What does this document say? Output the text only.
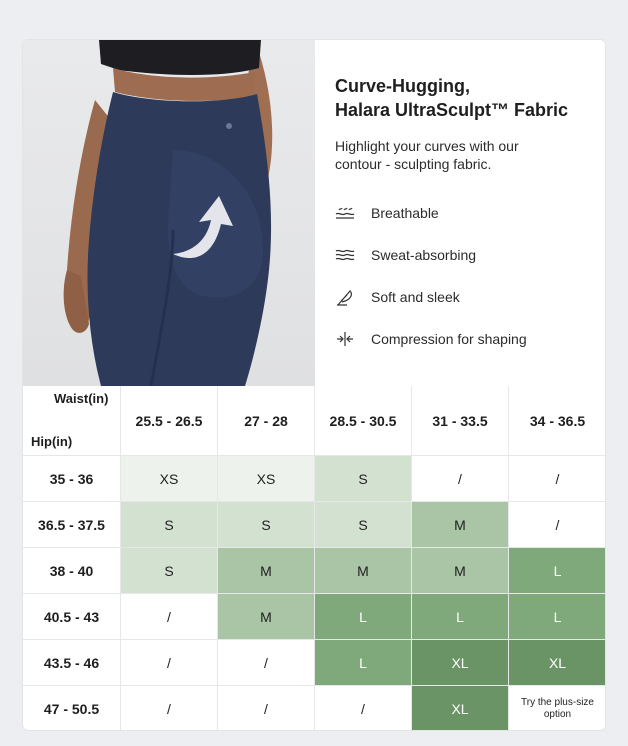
Curve-Hugging,
Halara UltraSculpt™ Fabric
Highlight your curves with our
contour - sculpting fabric.
Breathable
Sweat-absorbing
Soft and sleek
Compression for shaping
Waist(in)
Hip(in)
25.5 - 26.5	27 - 28	28.5 - 30.5	31 - 33.5	34 - 36.5
35 - 36	XS	XS	S	/	/
36.5 - 37.5	S	S	S	M	/
38 - 40	S	M	M	M	L
40.5 - 43	/	M	L	L	L
43.5 - 46	/	/	L	XL	XL
47 - 50.5	/	/	/	XL	Try the plus-size option
